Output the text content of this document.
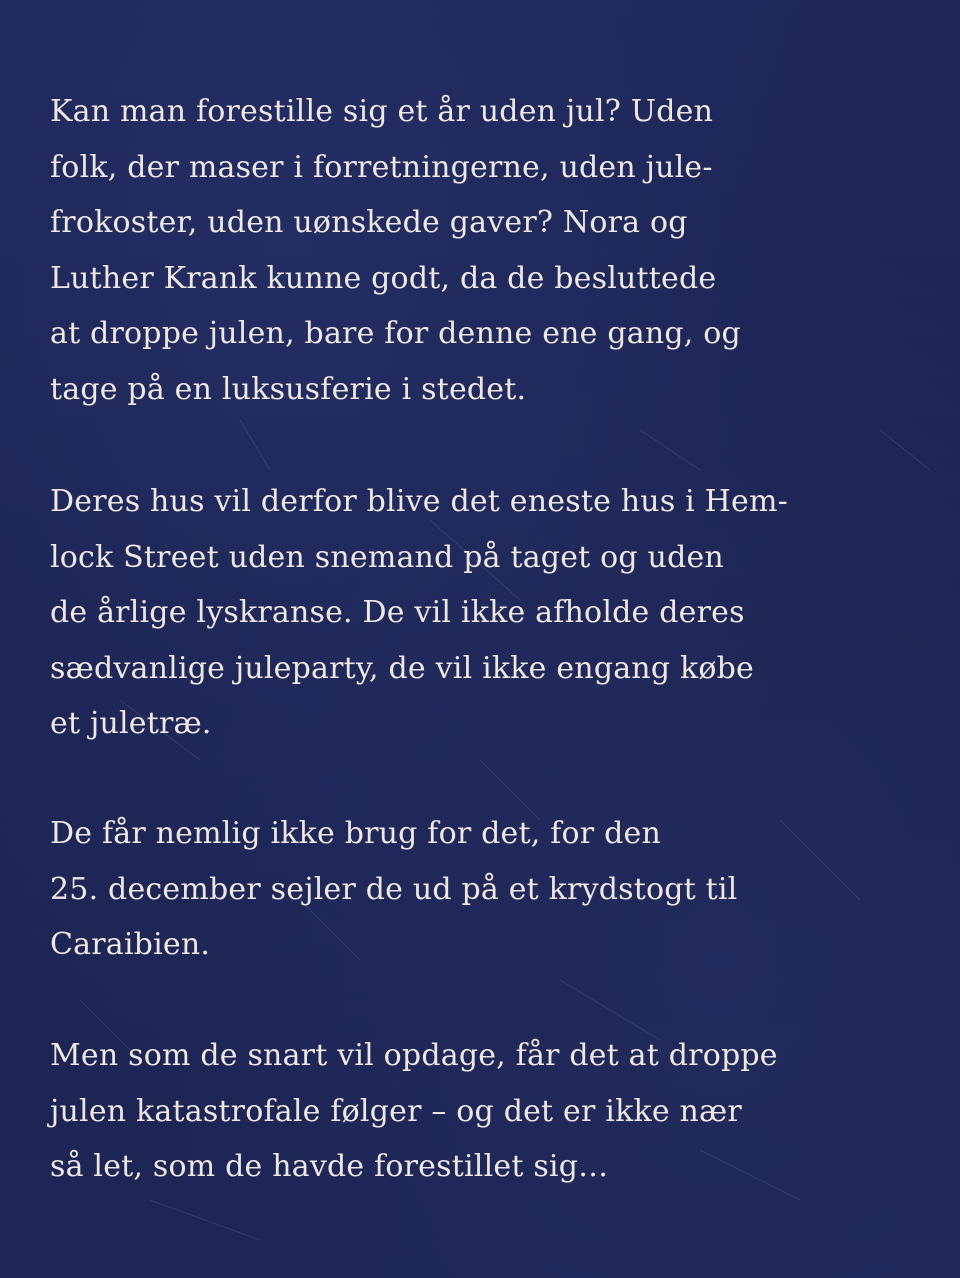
Kan man forestille sig et år uden jul? Uden
folk, der maser i forretningerne, uden jule-
frokoster, uden uønskede gaver? Nora og
Luther Krank kunne godt, da de besluttede
at droppe julen, bare for denne ene gang, og
tage på en luksusferie i stedet.

Deres hus vil derfor blive det eneste hus i Hem-
lock Street uden snemand på taget og uden
de årlige lyskranse. De vil ikke afholde deres
sædvanlige juleparty, de vil ikke engang købe
et juletræ.

De får nemlig ikke brug for det, for den
25. december sejler de ud på et krydstogt til
Caraibien.

Men som de snart vil opdage, får det at droppe
julen katastrofale følger – og det er ikke nær
så let, som de havde forestillet sig…
